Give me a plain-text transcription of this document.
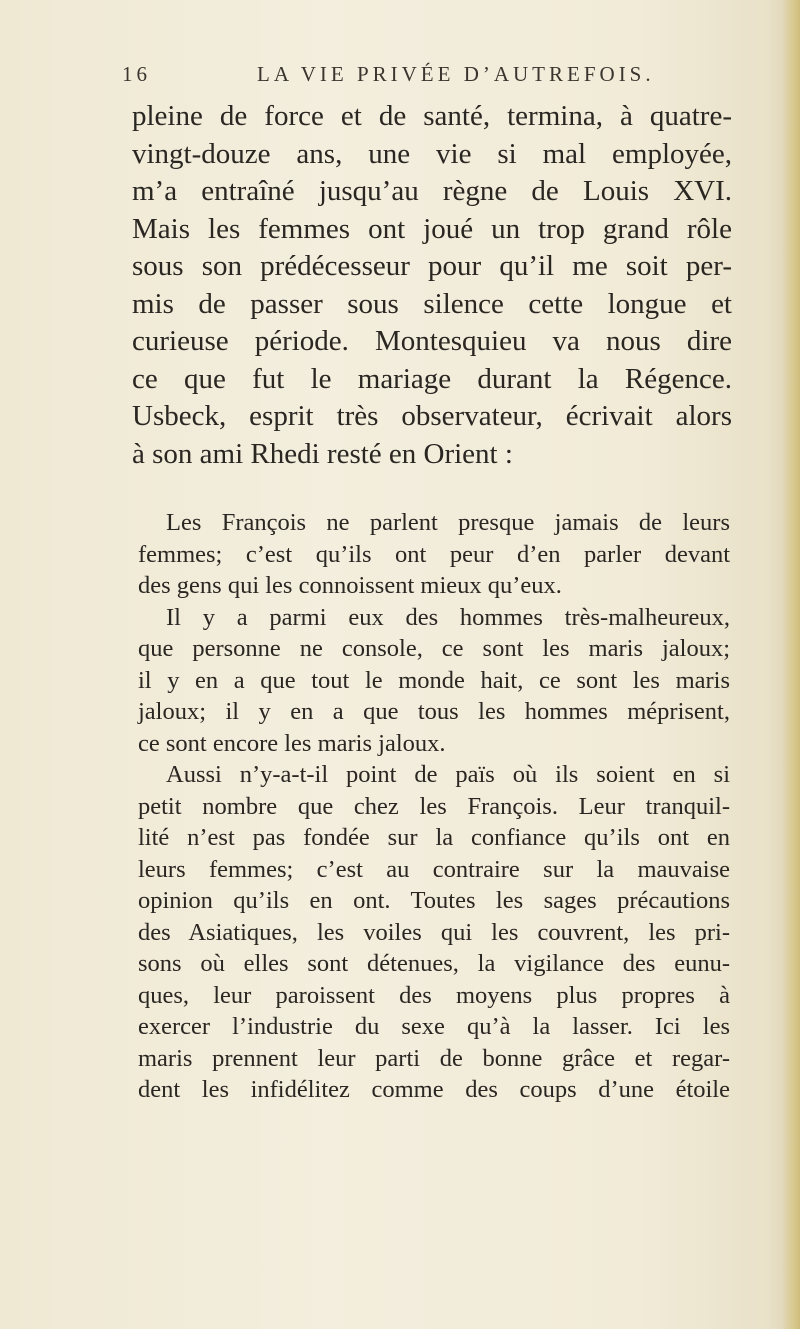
16	LA VIE PRIVÉE D’AUTREFOIS.
pleine de force et de santé, termina, à quatre-
vingt-douze ans, une vie si mal employée,
m’a entraîné jusqu’au règne de Louis XVI.
Mais les femmes ont joué un trop grand rôle
sous son prédécesseur pour qu’il me soit per-
mis de passer sous silence cette longue et
curieuse période. Montesquieu va nous dire
ce que fut le mariage durant la Régence.
Usbeck, esprit très observateur, écrivait alors
à son ami Rhedi resté en Orient :
Les François ne parlent presque jamais de leurs
femmes; c’est qu’ils ont peur d’en parler devant
des gens qui les connoissent mieux qu’eux.
Il y a parmi eux des hommes très-malheureux,
que personne ne console, ce sont les maris jaloux;
il y en a que tout le monde hait, ce sont les maris
jaloux; il y en a que tous les hommes méprisent,
ce sont encore les maris jaloux.
Aussi n’y-a-t-il point de païs où ils soient en si
petit nombre que chez les François. Leur tranquil-
lité n’est pas fondée sur la confiance qu’ils ont en
leurs femmes; c’est au contraire sur la mauvaise
opinion qu’ils en ont. Toutes les sages précautions
des Asiatiques, les voiles qui les couvrent, les pri-
sons où elles sont détenues, la vigilance des eunu-
ques, leur paroissent des moyens plus propres à
exercer l’industrie du sexe qu’à la lasser. Ici les
maris prennent leur parti de bonne grâce et regar-
dent les infidélitez comme des coups d’une étoile
